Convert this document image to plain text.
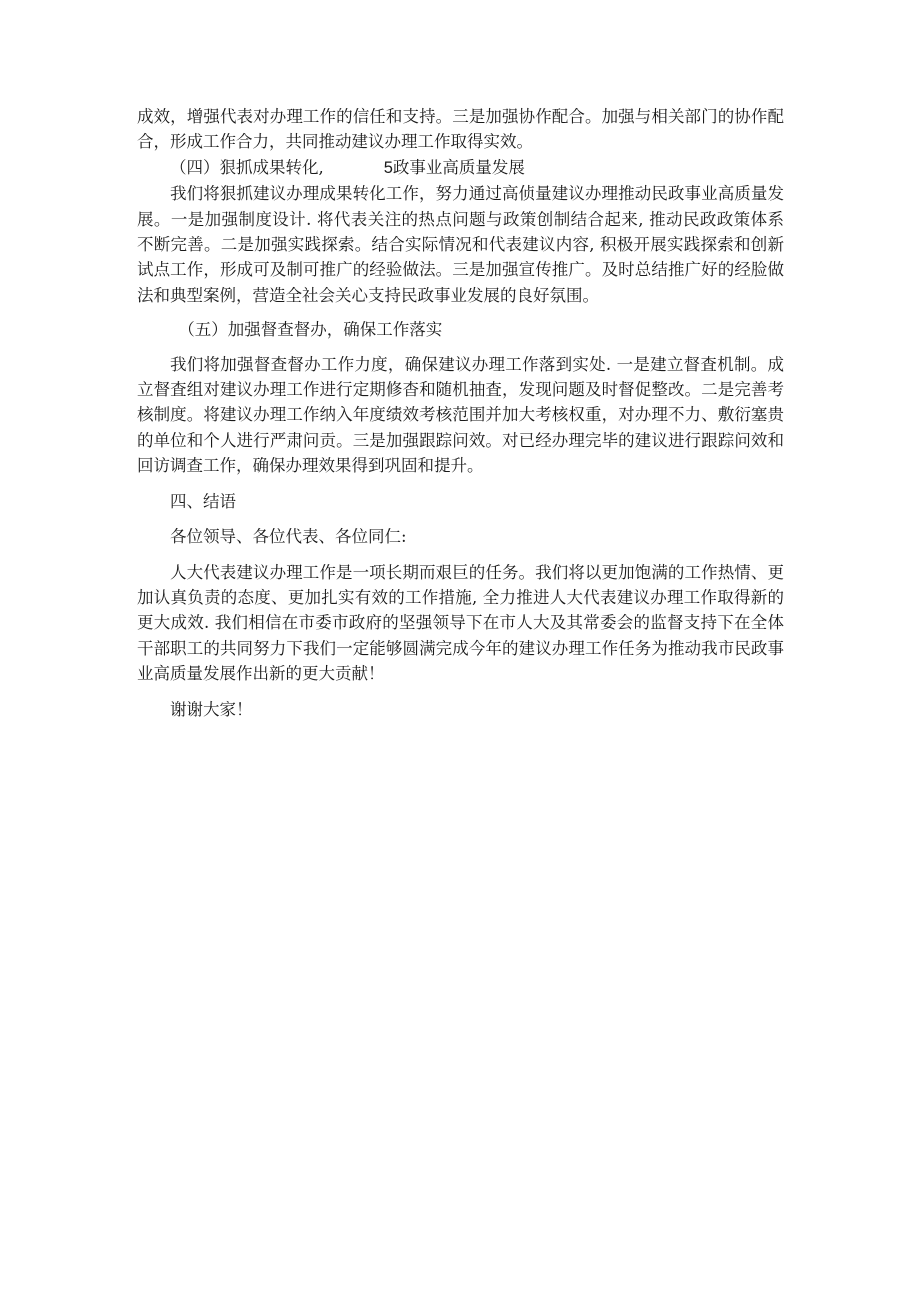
成效，增强代表对办理工作的信任和支持。三是加强协作配合。加强与相关部门的协作配合，形成工作合力，共同推动建议办理工作取得实效。

（四）狠抓成果转化,	5政事业高质量发展

我们将狠抓建议办理成果转化工作，努力通过高侦量建议办理推动民政事业高质量发展。一是加强制度设计. 将代表关注的热点问题与政策创制结合起来, 推动民政政策体系不断完善。二是加强实践探索。结合实际情况和代表建议内容, 积极开展实践探索和创新试点工作，形成可及制可推广的经验做法。三是加强宣传推广。及时总结推广好的经脸做法和典型案例，营造全社会关心支持民政事业发展的良好氛围。

（五）加强督查督办，确保工作落实

我们将加强督查督办工作力度，确保建议办理工作落到实处. 一是建立督査机制。成立督査组对建议办理工作进行定期修杳和随机抽査，发现问题及时督促整改。二是完善考核制度。将建议办理工作纳入年度绩效考核范围并加大考核权重，对办理不力、敷衍塞贵的单位和个人进行严肃问贡。三是加强跟踪问效。对已经办理完毕的建议进行跟踪问效和回访调查工作，确保办理效果得到巩固和提升。

四、结语

各位领导、各位代表、各位同仁:

人大代表建议办理工作是一项长期而艰巨的任务。我们将以更加饱满的工作热情、更加认真负责的态度、更加扎实有效的工作措施, 全力推进人大代表建议办理工作取得新的更大成效. 我们相信在市委市政府的坚强领导下在市人大及其常委会的监督支持下在全体干部职工的共同努力下我们一定能够圆满完成今年的建议办理工作任务为推动我市民政事业高质量发展作出新的更大贡献！

谢谢大家！
